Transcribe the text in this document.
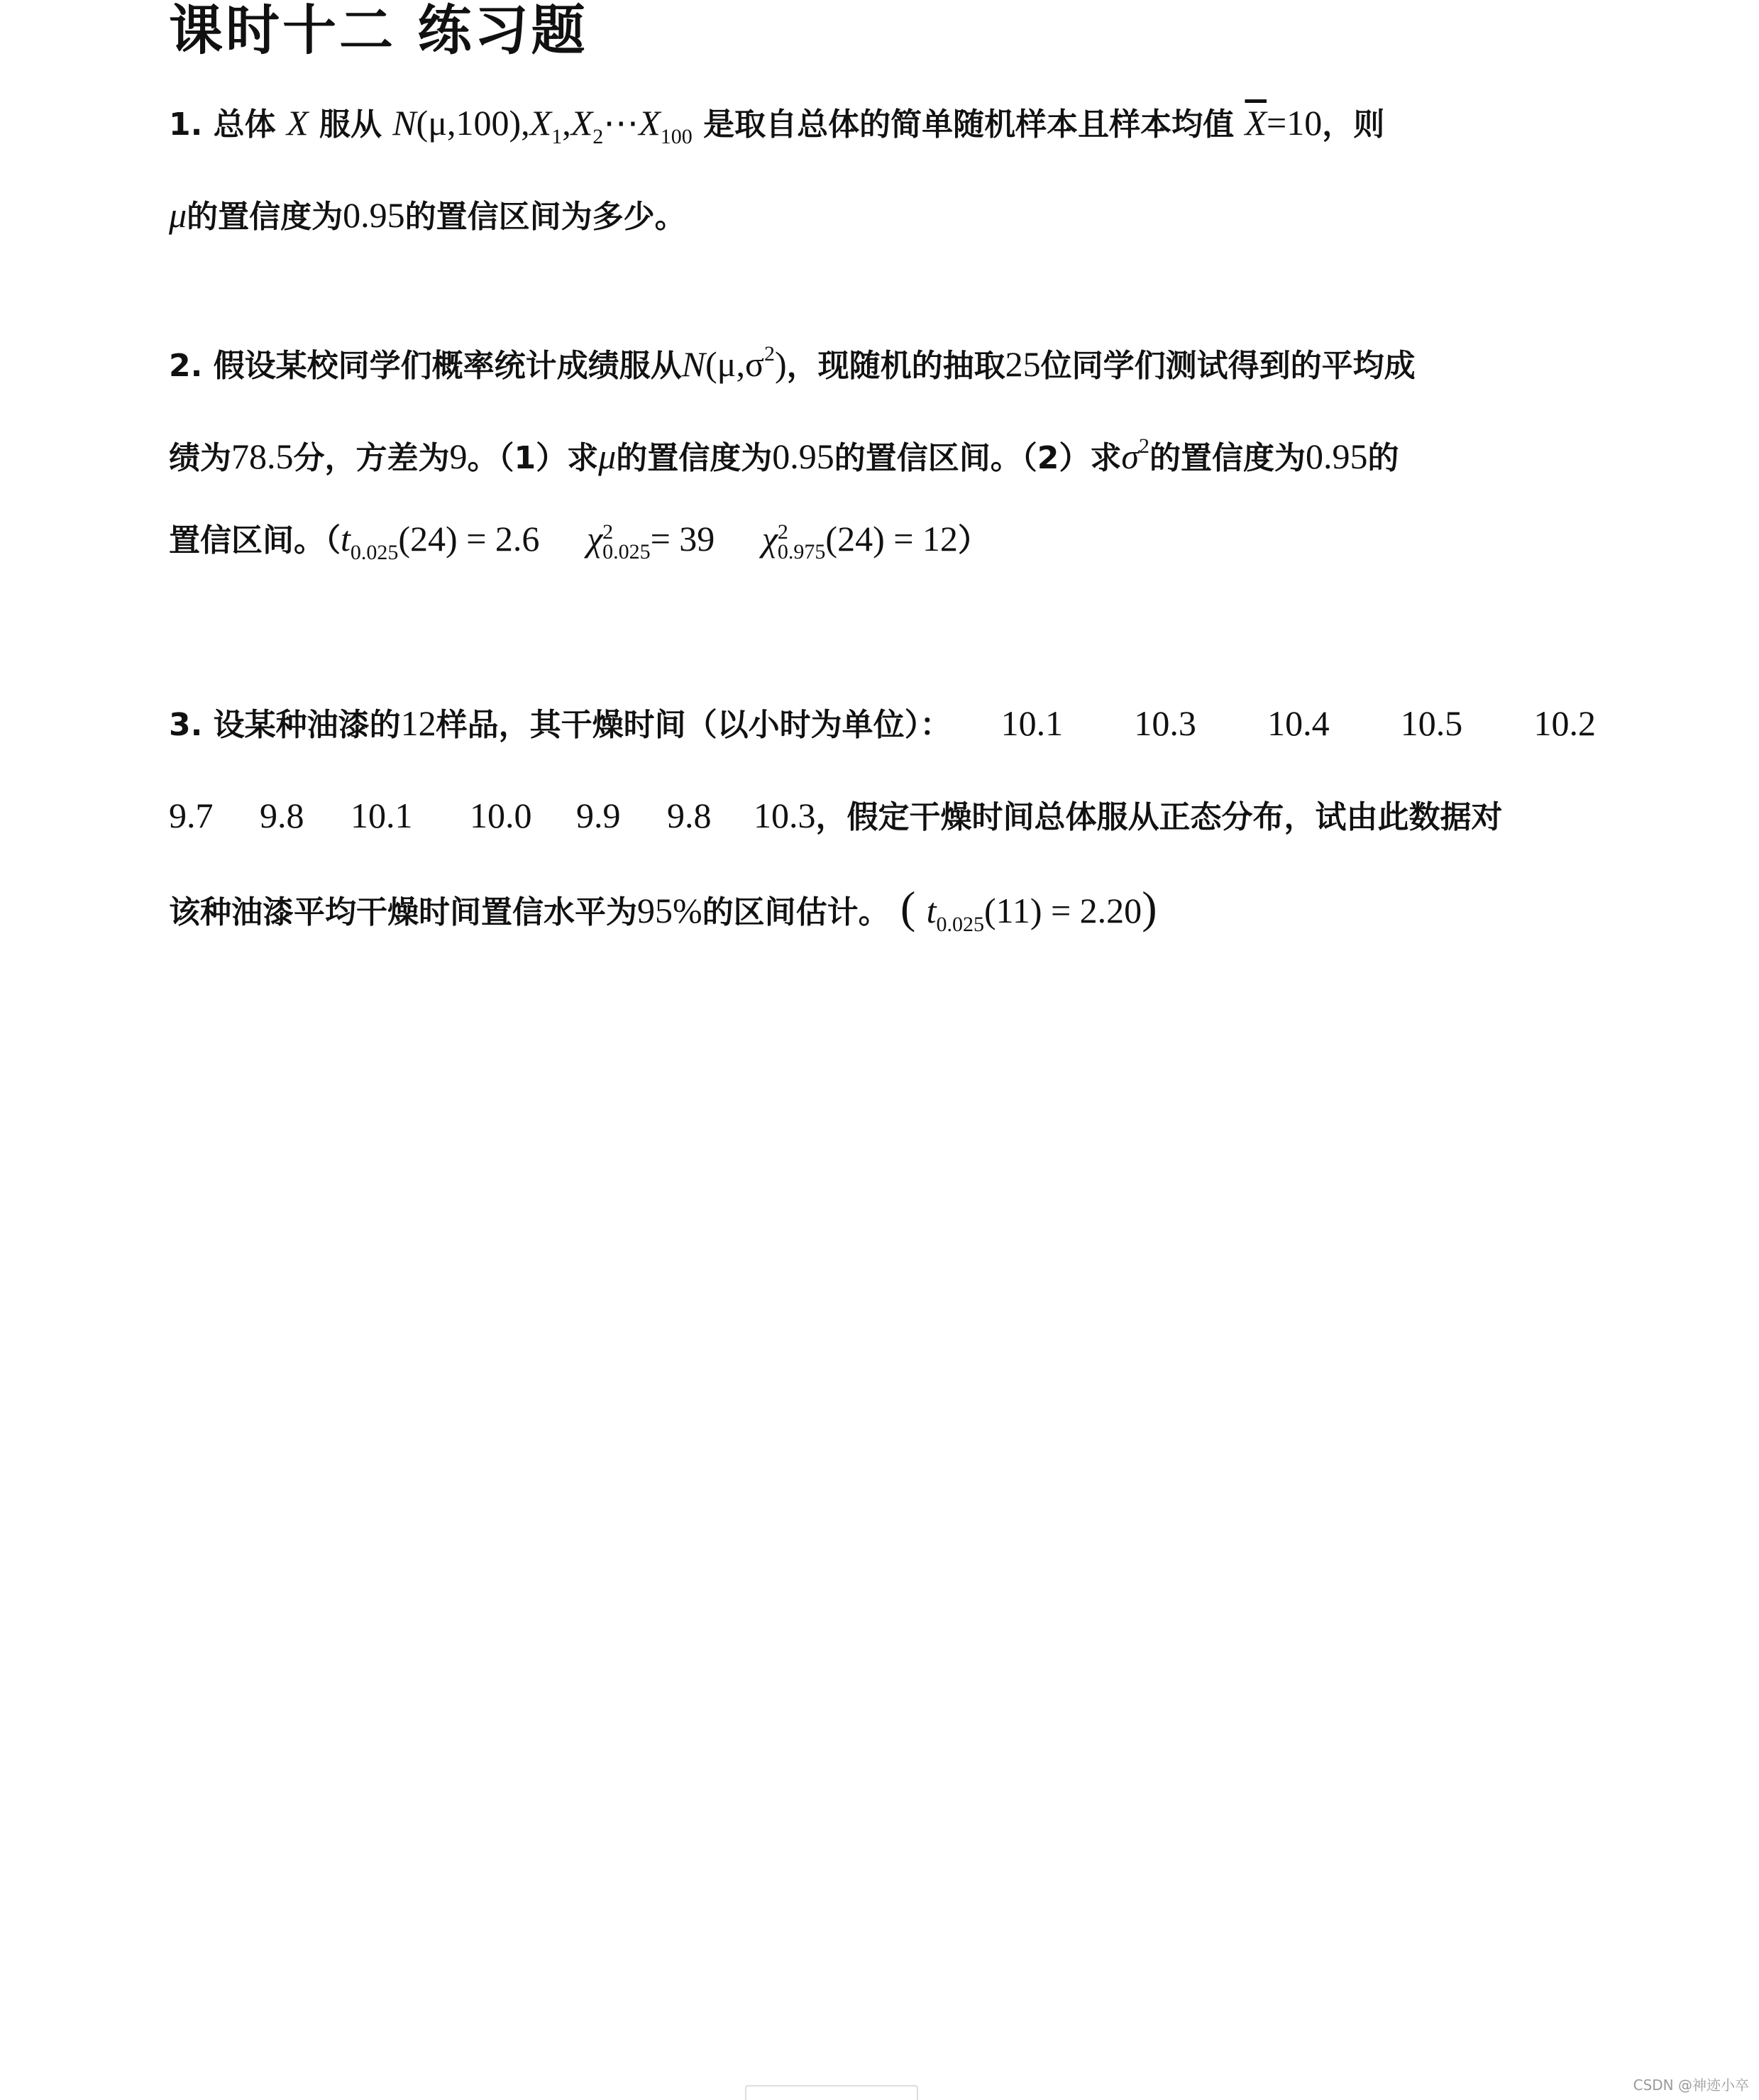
课时十二 练习题
1. 总体 X 服从 $N(\mu,100),X_1,X_2\cdots X_{100}$ 是取自总体的简单随机样本且样本均值 $\overline{X}=10$，则
μ的置信度为0.95的置信区间为多少。
2. 假设某校同学们概率统计成绩服从$N(\mu,\sigma^2)$，现随机的抽取25位同学们测试得到的平均成
绩为78.5分，方差为9。（1）求μ的置信度为0.95的置信区间。（2）求$\sigma^2$的置信度为0.95的
置信区间。（$t_{0.025}(24) = 2.6$ χ 2
0.025 = 39 χ 2
0.975 (24) = 12）
3. 设某种油漆的 12 样品，其干燥时间（以小时为单位）： 10.1 10.3 10.4 10.5 10.2
9.7	9.8	10.1	10.0	9.9	9.8	10.3 ，假定干燥时间总体服从正态分布，试由此数据对
该种油漆平均干燥时间置信水平为95%的区间估计。 ( $t_{0.025}(11) = 2.20$)
CSDN @神迹小卒
